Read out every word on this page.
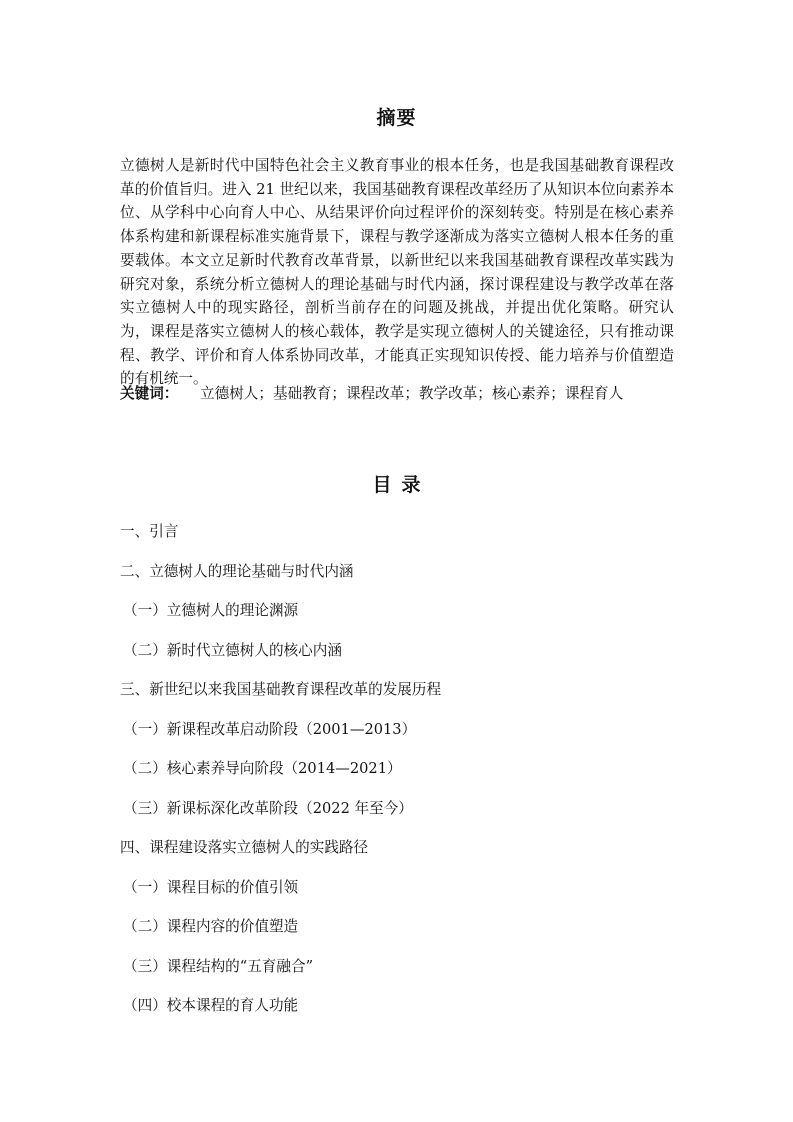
摘要

立德树人是新时代中国特色社会主义教育事业的根本任务，也是我国基础教育课程改革的价值旨归。进入 21 世纪以来，我国基础教育课程改革经历了从知识本位向素养本位、从学科中心向育人中心、从结果评价向过程评价的深刻转变。特别是在核心素养体系构建和新课程标准实施背景下，课程与教学逐渐成为落实立德树人根本任务的重要载体。本文立足新时代教育改革背景，以新世纪以来我国基础教育课程改革实践为研究对象，系统分析立德树人的理论基础与时代内涵，探讨课程建设与教学改革在落实立德树人中的现实路径，剖析当前存在的问题及挑战，并提出优化策略。研究认为，课程是落实立德树人的核心载体，教学是实现立德树人的关键途径，只有推动课程、教学、评价和育人体系协同改革，才能真正实现知识传授、能力培养与价值塑造的有机统一。

关键词： 立德树人；基础教育；课程改革；教学改革；核心素养；课程育人
目录
一、引言
二、立德树人的理论基础与时代内涵
（一）立德树人的理论渊源
（二）新时代立德树人的核心内涵
三、新世纪以来我国基础教育课程改革的发展历程
（一）新课程改革启动阶段（2001—2013）
（二）核心素养导向阶段（2014—2021）
（三）新课标深化改革阶段（2022 年至今）
四、课程建设落实立德树人的实践路径
（一）课程目标的价值引领
（二）课程内容的价值塑造
（三）课程结构的“五育融合”
（四）校本课程的育人功能
